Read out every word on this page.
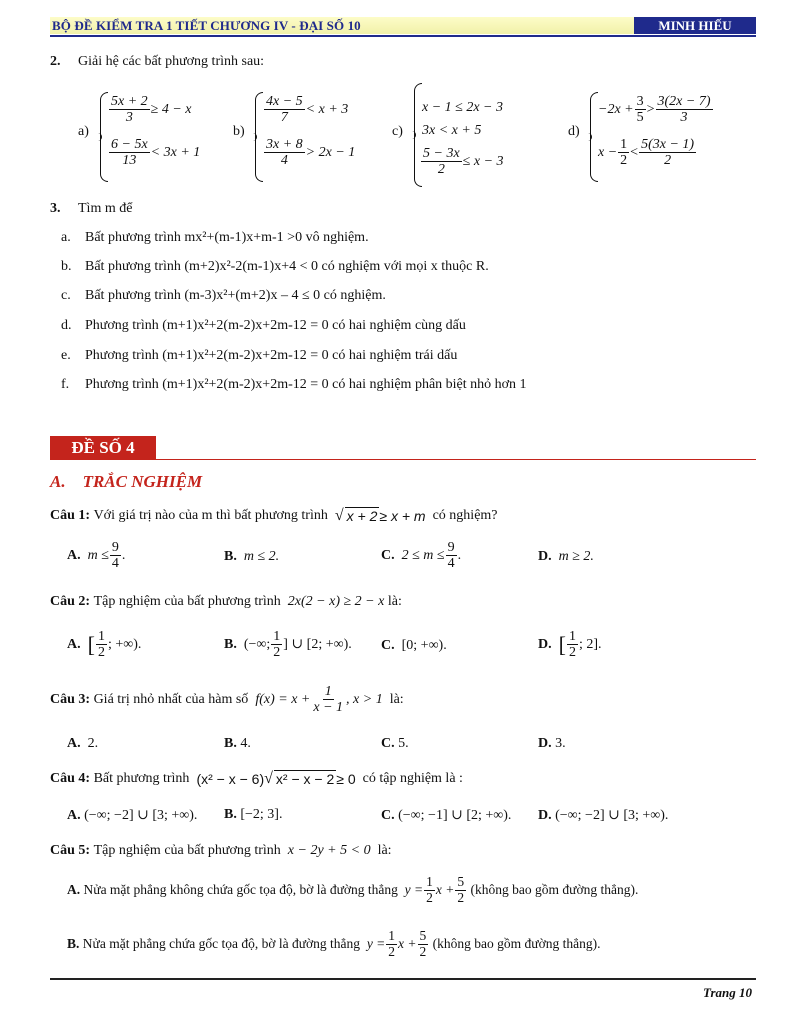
BỘ ĐỀ KIỂM TRA 1 TIẾT CHƯƠNG IV - ĐẠI SỐ 10	MINH HIẾU
2. Giải hệ các bất phương trình sau:
a)
$\frac{5x + 2}{3} \ge 4 - x$
$\frac{6 - 5x}{13} < 3x + 1$
b)
$\frac{4x - 5}{7} < x + 3$
$\frac{3x + 8}{4} > 2x - 1$
c)
x − 1 ≤ 2x − 3
3x < x + 5
$\frac{5 - 3x}{2} \le x - 3$
d)
$-2x + \frac{3}{5} > \frac{3(2x - 7)}{3}$
$x - \frac{1}{2} < \frac{5(3x - 1)}{2}$
3. Tìm m để
a. Bất phương trình mx²+(m-1)x+m-1 >0 vô nghiệm.
b. Bất phương trình (m+2)x²-2(m-1)x+4 < 0 có nghiệm với mọi x thuộc R.
c. Bất phương trình (m-3)x²+(m+2)x – 4 ≤ 0 có nghiệm.
d. Phương trình (m+1)x²+2(m-2)x+2m-12 = 0 có hai nghiệm cùng dấu
e. Phương trình (m+1)x²+2(m-2)x+2m-12 = 0 có hai nghiệm trái dấu
f. Phương trình (m+1)x²+2(m-2)x+2m-12 = 0 có hai nghiệm phân biệt nhỏ hơn 1
ĐỀ SỐ 4
A.    TRẮC NGHIỆM
Câu 1:
Với giá trị nào của m thì bất phương trình
√ x + 2 ≥ x + m
có nghiệm?
A.
$m \le \frac{9}{4}$ .	B.
m ≤ 2.	C.
$2 \le m \le \frac{9}{4}$ .	D.
m ≥ 2.
Câu 2:
Tập nghiệm của bất phương trình
2x(2 − x) ≥ 2 − x
là:
A.
[ $\frac{1}{2}$ ; +∞).	B.
(−∞; $\frac{1}{2}$ ] ∪ [2; +∞). C.
[0; +∞).	D.
[ $\frac{1}{2}$ ; 2].
Câu 3:
Giá trị nhỏ nhất của hàm số
$f(x) = x + \frac{1}{x - 1}$ , x > 1
là:
A.
2.	B.
4.	C.
5.	D.
3.
Câu 4:
Bất phương trình
(x² − x − 6) √ x² − x − 2 ≥ 0
có tập nghiệm là :
A.
(−∞; −2] ∪ [3; +∞). B.
[−2; 3].	C.
(−∞; −1] ∪ [2; +∞). D.
(−∞; −2] ∪ [3; +∞).
Câu 5:
Tập nghiệm của bất phương trình
x − 2y + 5 < 0
là:
A.
Nửa mặt phẳng không chứa gốc tọa độ, bờ là đường thẳng
$y = \frac{1}{2}$ $x + \frac{5}{2}$
(không bao gồm đường thẳng).
B.
Nửa mặt phẳng chứa gốc tọa độ, bờ là đường thẳng
$y = \frac{1}{2}$ $x + \frac{5}{2}$
(không bao gồm đường thẳng).
Trang 10
